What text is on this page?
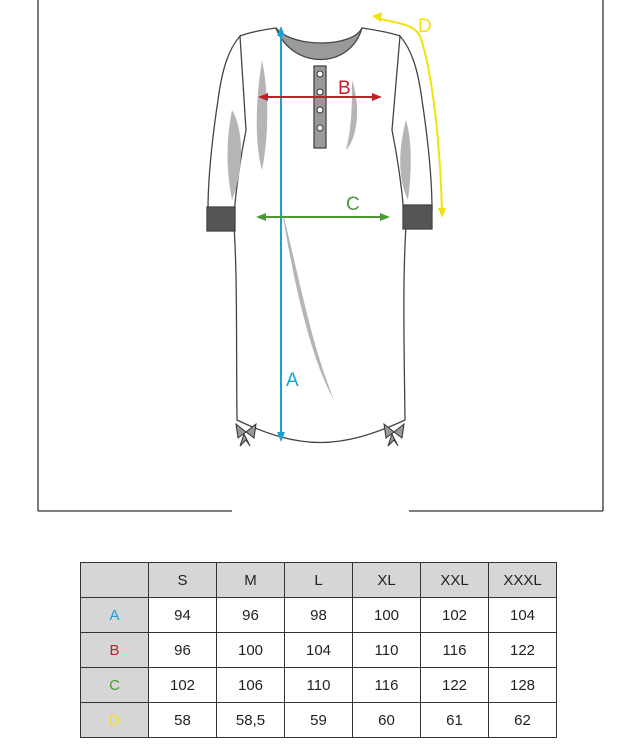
A
B
C
D
	S	M	L	XL	XXL	XXXL
A	94	96	98	100	102	104
B	96	100	104	110	116	122
C	102	106	110	116	122	128
D	58	58,5	59	60	61	62
